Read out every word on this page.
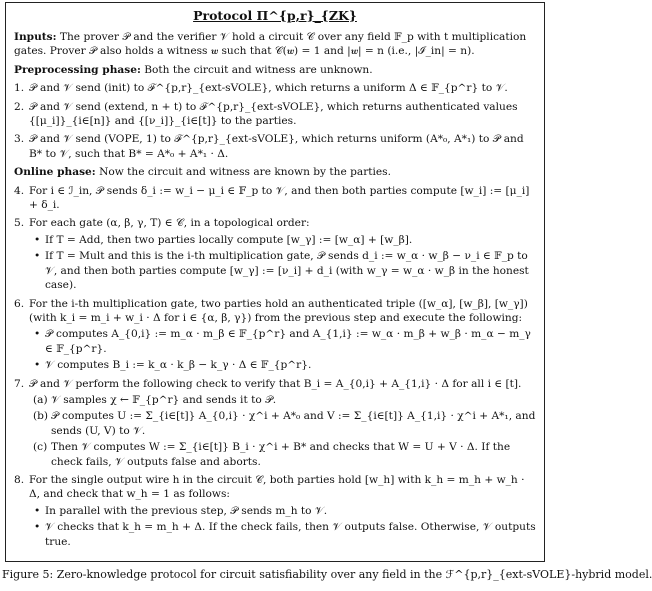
Protocol Π^{p,r}_{ZK}
Inputs: The prover 𝒫 and the verifier 𝒱 hold a circuit 𝒞 over any field 𝔽_p with t multiplication gates. Prover 𝒫 also holds a witness 𝒘 such that 𝒞(𝒘) = 1 and |𝒘| = n (i.e., |ℐ_in| = n).
Preprocessing phase: Both the circuit and witness are unknown.
1. 𝒫 and 𝒱 send (init) to ℱ^{p,r}_{ext-sVOLE}, which returns a uniform Δ ∈ 𝔽_{p^r} to 𝒱.
2. 𝒫 and 𝒱 send (extend, n + t) to ℱ^{p,r}_{ext-sVOLE}, which returns authenticated values {[μ_i]}_{i∈[n]} and {[ν_i]}_{i∈[t]} to the parties.
3. 𝒫 and 𝒱 send (VOPE, 1) to ℱ^{p,r}_{ext-sVOLE}, which returns uniform (A*₀, A*₁) to 𝒫 and B* to 𝒱, such that B* = A*₀ + A*₁ · Δ.
Online phase: Now the circuit and witness are known by the parties.
4. For i ∈ ℐ_in, 𝒫 sends δ_i := w_i − μ_i ∈ 𝔽_p to 𝒱, and then both parties compute [w_i] := [μ_i] + δ_i.
5. For each gate (α, β, γ, T) ∈ 𝒞, in a topological order:
• If T = Add, then two parties locally compute [w_γ] := [w_α] + [w_β].
• If T = Mult and this is the i-th multiplication gate, 𝒫 sends d_i := w_α · w_β − ν_i ∈ 𝔽_p to 𝒱, and then both parties compute [w_γ] := [ν_i] + d_i (with w_γ = w_α · w_β in the honest case).
6. For the i-th multiplication gate, two parties hold an authenticated triple ([w_α], [w_β], [w_γ]) (with k_i = m_i + w_i · Δ for i ∈ {α, β, γ}) from the previous step and execute the following:
• 𝒫 computes A_{0,i} := m_α · m_β ∈ 𝔽_{p^r} and A_{1,i} := w_α · m_β + w_β · m_α − m_γ ∈ 𝔽_{p^r}.
• 𝒱 computes B_i := k_α · k_β − k_γ · Δ ∈ 𝔽_{p^r}.
7. 𝒫 and 𝒱 perform the following check to verify that B_i = A_{0,i} + A_{1,i} · Δ for all i ∈ [t].
(a) 𝒱 samples χ ← 𝔽_{p^r} and sends it to 𝒫.
(b) 𝒫 computes U := Σ_{i∈[t]} A_{0,i} · χ^i + A*₀ and V := Σ_{i∈[t]} A_{1,i} · χ^i + A*₁, and sends (U, V) to 𝒱.
(c) Then 𝒱 computes W := Σ_{i∈[t]} B_i · χ^i + B* and checks that W = U + V · Δ. If the check fails, 𝒱 outputs false and aborts.
8. For the single output wire h in the circuit 𝒞, both parties hold [w_h] with k_h = m_h + w_h · Δ, and check that w_h = 1 as follows:
• In parallel with the previous step, 𝒫 sends m_h to 𝒱.
• 𝒱 checks that k_h = m_h + Δ. If the check fails, then 𝒱 outputs false. Otherwise, 𝒱 outputs true.
Figure 5: Zero-knowledge protocol for circuit satisfiability over any field in the ℱ^{p,r}_{ext-sVOLE}-hybrid model.
